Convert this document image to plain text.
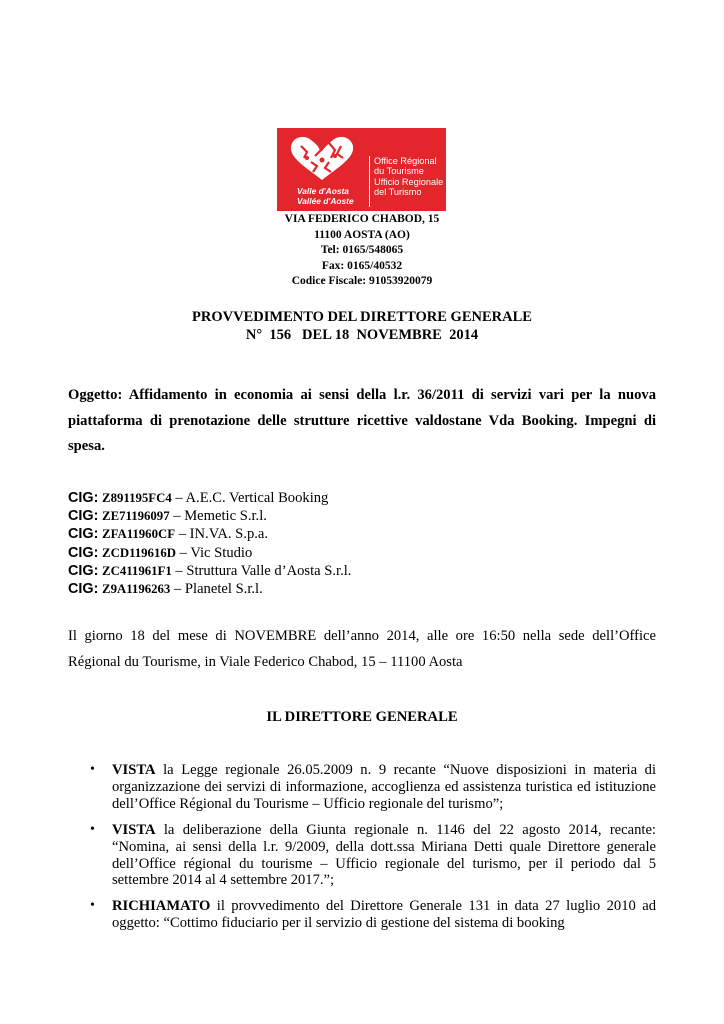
Office Régional
du Tourisme
Ufficio Regionale
del Turismo
Valle d'Aosta
Vallée d'Aoste
VIA FEDERICO CHABOD, 15
11100 AOSTA (AO)
Tel: 0165/548065
Fax: 0165/40532
Codice Fiscale: 91053920079
PROVVEDIMENTO DEL DIRETTORE GENERALE
N°  156   DEL 18  NOVEMBRE  2014
Oggetto: Affidamento in economia ai sensi della l.r. 36/2011 di servizi vari per la nuova piattaforma di prenotazione delle strutture ricettive valdostane Vda Booking. Impegni di spesa.
CIG: Z891195FC4 – A.E.C. Vertical Booking
CIG: ZE71196097 – Memetic S.r.l.
CIG: ZFA11960CF – IN.VA. S.p.a.
CIG: ZCD119616D – Vic Studio
CIG: ZC411961F1 – Struttura Valle d’Aosta S.r.l.
CIG: Z9A1196263 – Planetel S.r.l.
Il giorno 18 del mese di NOVEMBRE dell’anno 2014, alle ore 16:50 nella sede dell’Office Régional du Tourisme, in Viale Federico Chabod, 15 – 11100 Aosta
IL DIRETTORE GENERALE
• VISTA la Legge regionale 26.05.2009 n. 9 recante “Nuove disposizioni in materia di organizzazione dei servizi di informazione, accoglienza ed assistenza turistica ed istituzione dell’Office Régional du Tourisme – Ufficio regionale del turismo”;
• VISTA la deliberazione della Giunta regionale n. 1146 del 22 agosto 2014, recante: “Nomina, ai sensi della l.r. 9/2009, della dott.ssa Miriana Detti quale Direttore generale dell’Office régional du tourisme – Ufficio regionale del turismo, per il periodo dal 5 settembre 2014 al 4 settembre 2017.”;
• RICHIAMATO il provvedimento del Direttore Generale 131 in data 27 luglio 2010 ad oggetto: “Cottimo fiduciario per il servizio di gestione del sistema di booking
